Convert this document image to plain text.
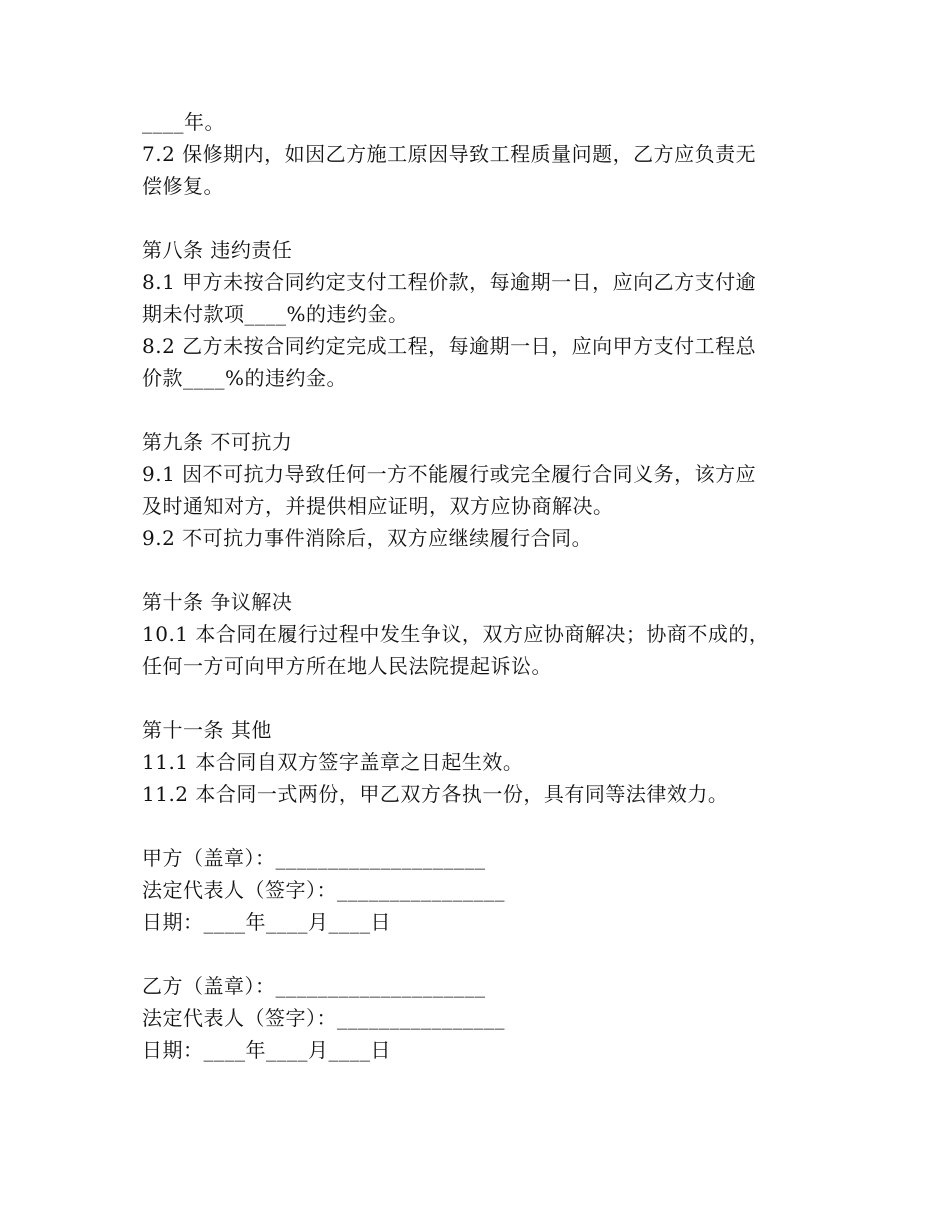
____年。
7.2 保修期内，如因乙方施工原因导致工程质量问题，乙方应负责无
偿修复。
第八条 违约责任
8.1 甲方未按合同约定支付工程价款，每逾期一日，应向乙方支付逾
期未付款项____%的违约金。
8.2 乙方未按合同约定完成工程，每逾期一日，应向甲方支付工程总
价款____%的违约金。
第九条 不可抗力
9.1 因不可抗力导致任何一方不能履行或完全履行合同义务，该方应
及时通知对方，并提供相应证明，双方应协商解决。
9.2 不可抗力事件消除后，双方应继续履行合同。
第十条 争议解决
10.1 本合同在履行过程中发生争议，双方应协商解决；协商不成的，
任何一方可向甲方所在地人民法院提起诉讼。
第十一条 其他
11.1 本合同自双方签字盖章之日起生效。
11.2 本合同一式两份，甲乙双方各执一份，具有同等法律效力。
甲方（盖章）：____________________
法定代表人（签字）：________________
日期：____年____月____日
乙方（盖章）：____________________
法定代表人（签字）：________________
日期：____年____月____日
